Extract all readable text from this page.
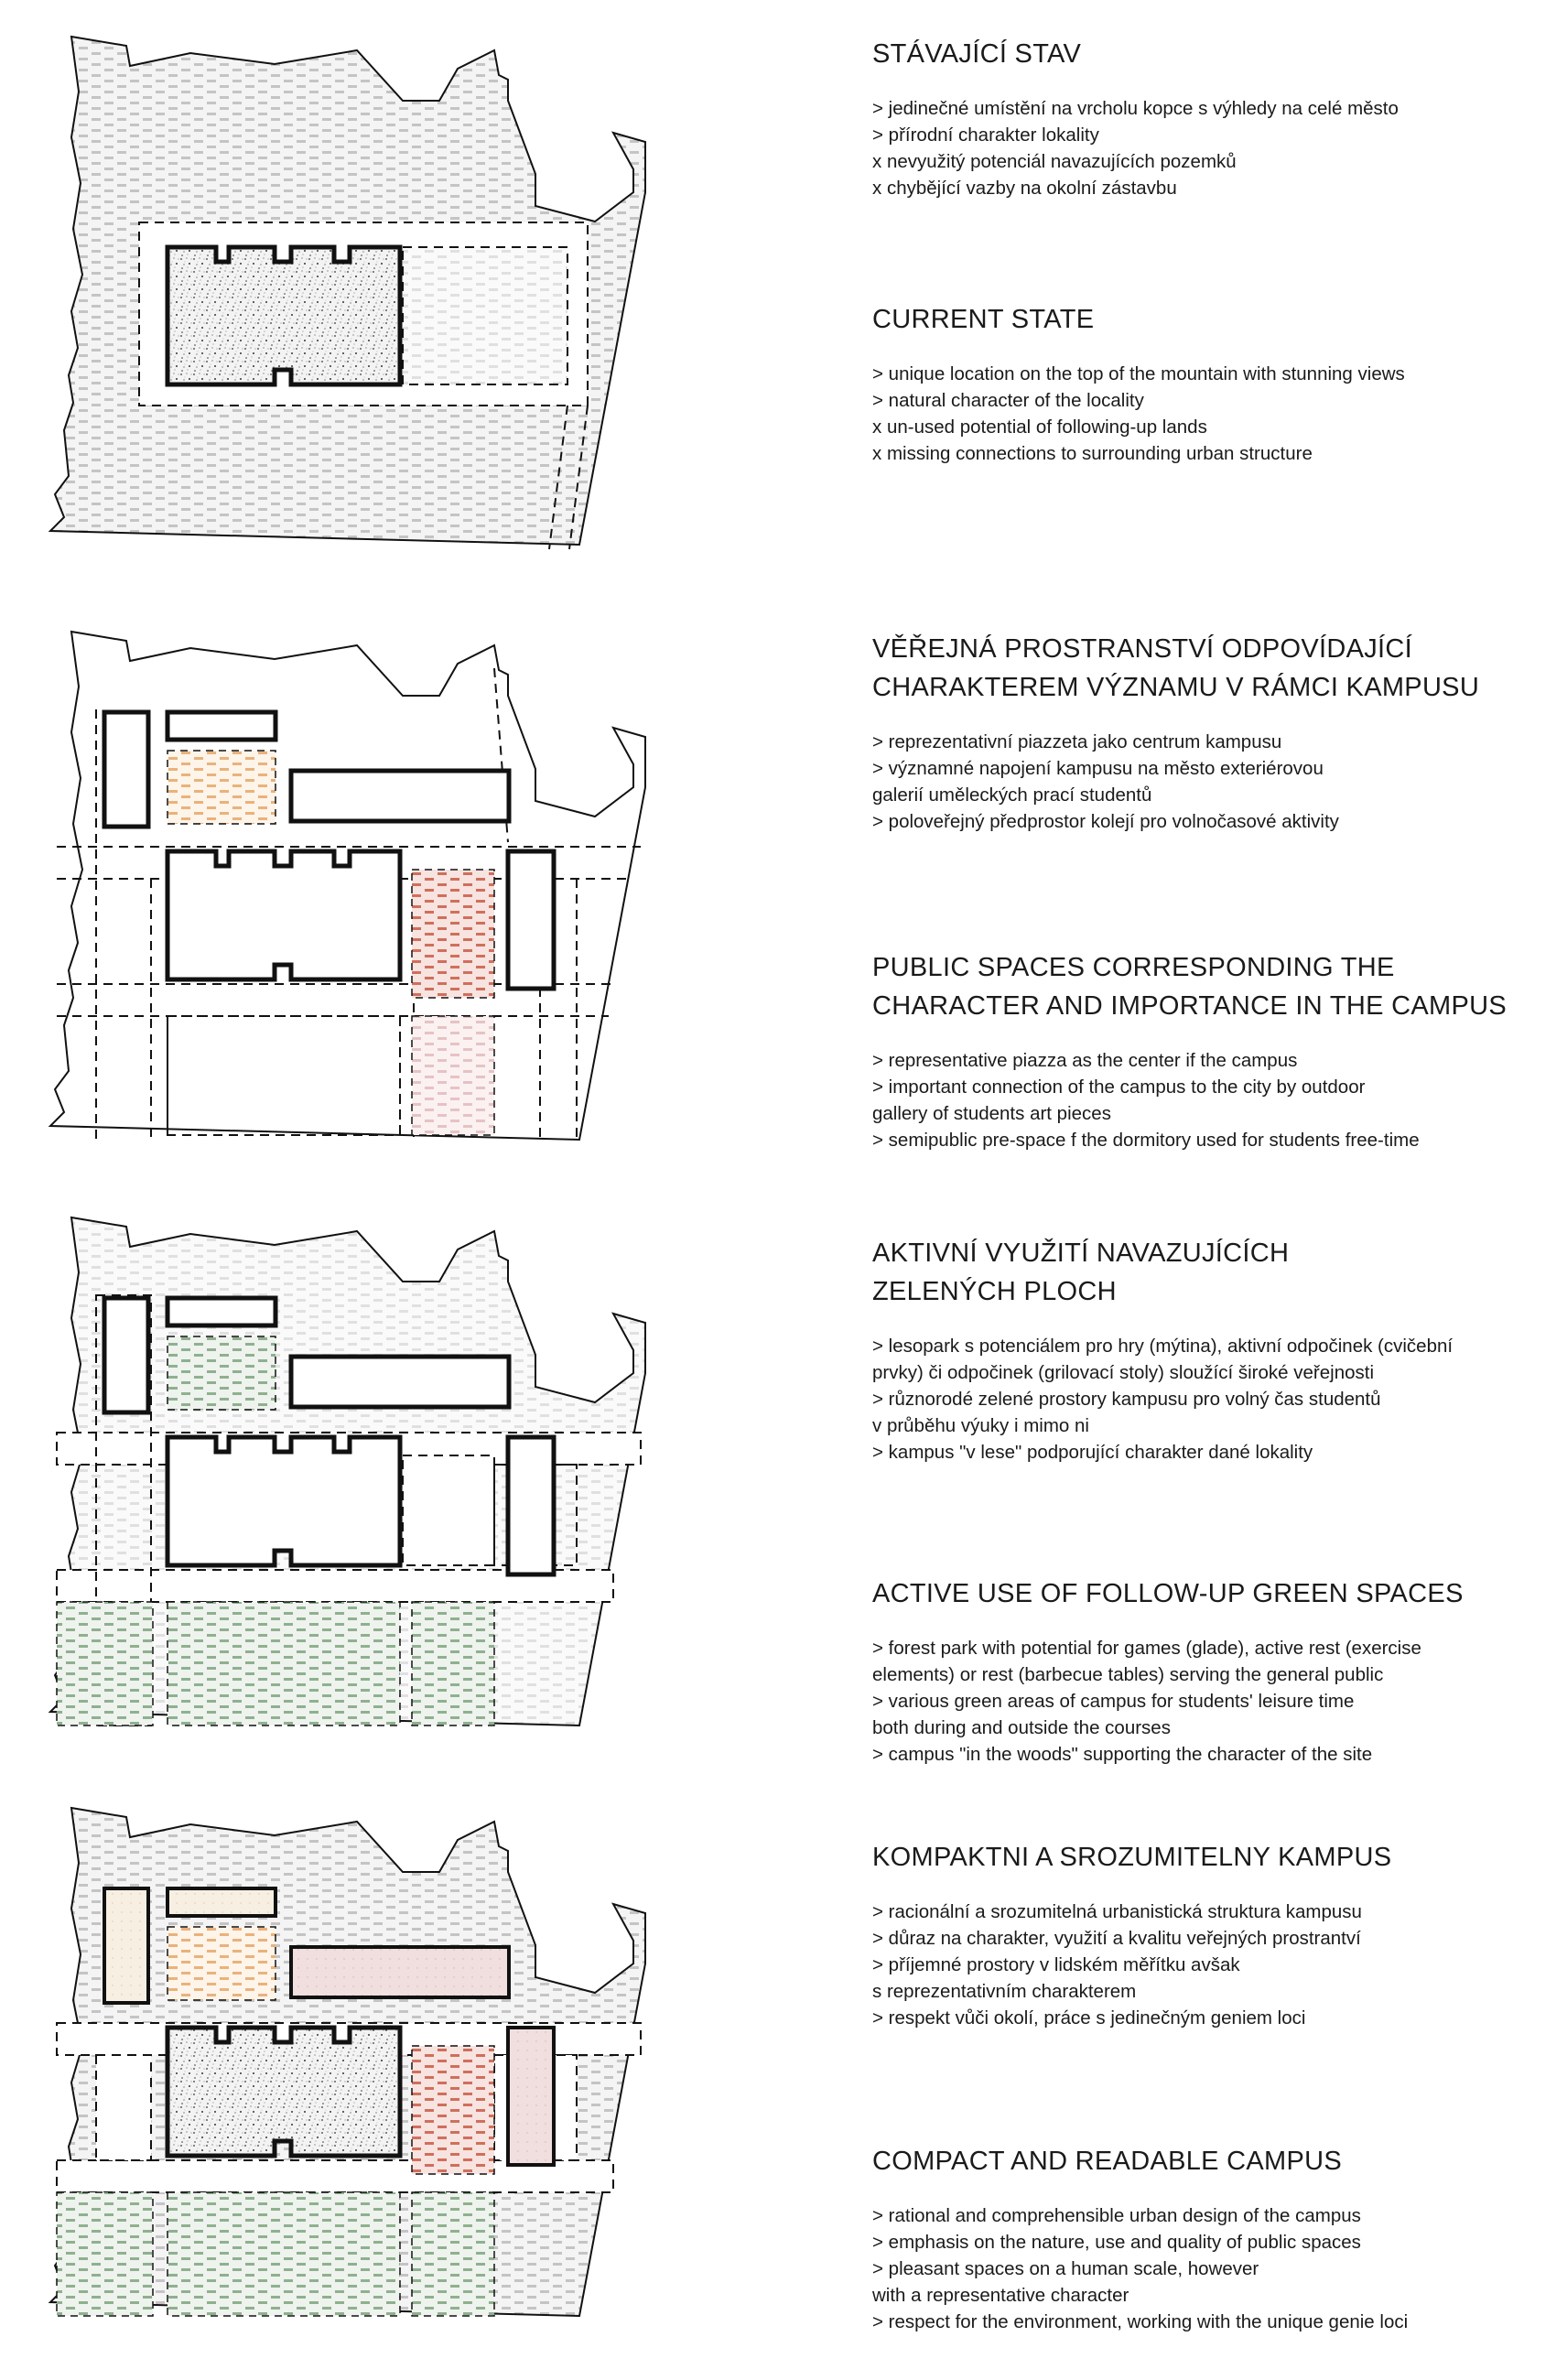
STÁVAJÍCÍ STAV
> jedinečné umístění na vrcholu kopce s výhledy na celé město
> přírodní charakter lokality
x nevyužitý potenciál navazujících pozemků
x chybějící vazby na okolní zástavbu
CURRENT STATE
> unique location on the top of the mountain with stunning views
> natural character of the locality
x un-used potential of following-up lands
x missing connections to surrounding urban structure
VĚŘEJNÁ PROSTRANSTVÍ ODPOVÍDAJÍCÍ
CHARAKTEREM VÝZNAMU V RÁMCI KAMPUSU
> reprezentativní piazzeta jako centrum kampusu
> významné napojení kampusu na město exteriérovou
galerií uměleckých prací studentů
> poloveřejný předprostor kolejí pro volnočasové aktivity
PUBLIC SPACES CORRESPONDING THE
CHARACTER AND IMPORTANCE IN THE CAMPUS
> representative piazza as the center if the campus
> important connection of the campus to the city by outdoor
gallery of students art pieces
> semipublic pre-space f the dormitory used for students free-time
AKTIVNÍ VYUŽITÍ NAVAZUJÍCÍCH
ZELENÝCH PLOCH
> lesopark s potenciálem pro hry (mýtina), aktivní odpočinek (cvičební
prvky) či odpočinek (grilovací stoly) sloužící široké veřejnosti
> různorodé zelené prostory kampusu pro volný čas studentů
v průběhu výuky i mimo ni
> kampus "v lese" podporující charakter dané lokality
ACTIVE USE OF FOLLOW-UP GREEN SPACES
> forest park with potential for games (glade), active rest (exercise
elements) or rest (barbecue tables) serving the general public
> various green areas of campus for students' leisure time
both during and outside the courses
> campus "in the woods" supporting the character of the site
KOMPAKTNI A SROZUMITELNY KAMPUS
> racionální a srozumitelná urbanistická struktura kampusu
> důraz na charakter, využití a kvalitu veřejných prostrantví
> příjemné prostory v lidském měřítku avšak
s reprezentativním charakterem
> respekt vůči okolí, práce s jedinečným geniem loci
COMPACT AND READABLE CAMPUS
> rational and comprehensible urban design of the campus
> emphasis on the nature, use and quality of public spaces
> pleasant spaces on a human scale, however
with a representative character
> respect for the environment, working with the unique genie loci
